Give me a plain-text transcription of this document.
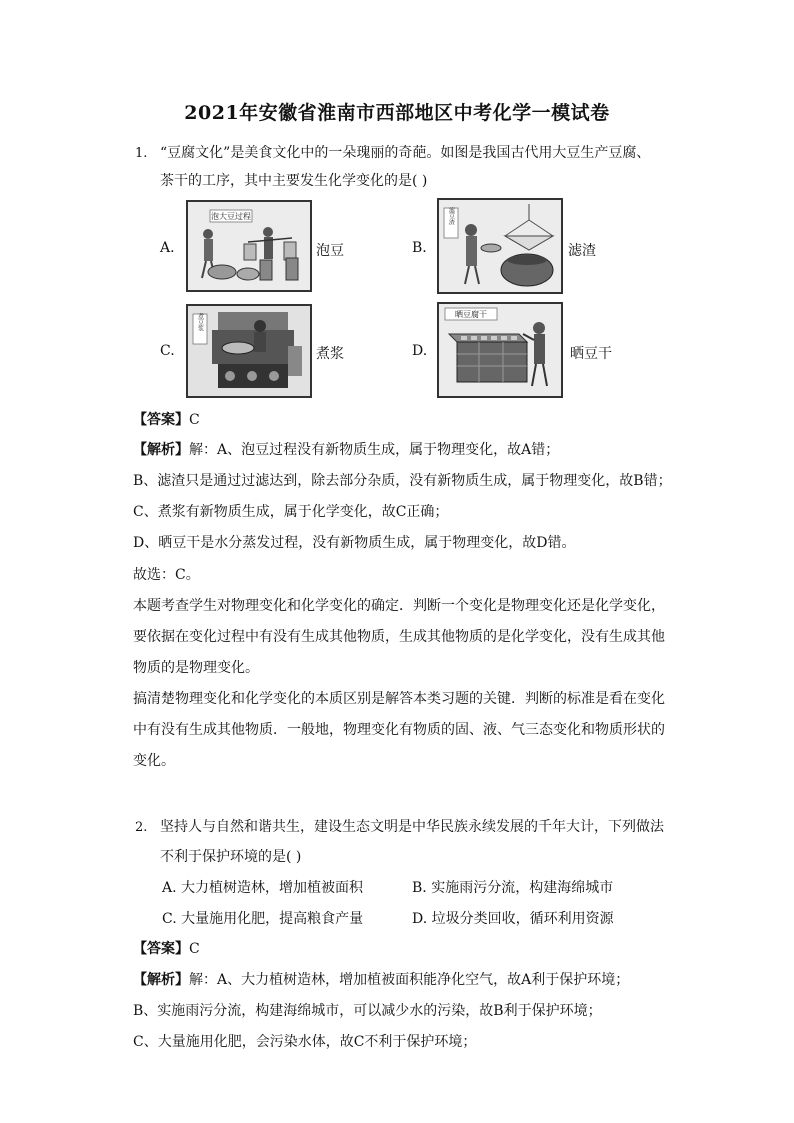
2021年安徽省淮南市西部地区中考化学一模试卷
1. “豆腐文化”是美食文化中的一朵瑰丽的奇葩。如图是我国古代用大豆生产豆腐、
茶干的工序，其中主要发生化学变化的是( )
A.
泡大豆过程
泡豆	B.
滤豆渣
滤渣
C.
煮豆浆
煮浆	D.
晒豆腐干
晒豆干
【答案】C
【解析】解：A、泡豆过程没有新物质生成，属于物理变化，故A错；
B、滤渣只是通过过滤达到，除去部分杂质，没有新物质生成，属于物理变化，故B错；
C、煮浆有新物质生成，属于化学变化，故C正确；
D、晒豆干是水分蒸发过程，没有新物质生成，属于物理变化，故D错。
故选：C。
本题考查学生对物理变化和化学变化的确定．判断一个变化是物理变化还是化学变化，
要依据在变化过程中有没有生成其他物质，生成其他物质的是化学变化，没有生成其他
物质的是物理变化。
搞清楚物理变化和化学变化的本质区别是解答本类习题的关键．判断的标准是看在变化
中有没有生成其他物质．一般地，物理变化有物质的固、液、气三态变化和物质形状的
变化。
2. 坚持人与自然和谐共生，建设生态文明是中华民族永续发展的千年大计，下列做法
不利于保护环境的是( )
A. 大力植树造林，增加植被面积	B. 实施雨污分流，构建海绵城市
C. 大量施用化肥，提高粮食产量	D. 垃圾分类回收，循环利用资源
【答案】C
【解析】解：A、大力植树造林，增加植被面积能净化空气，故A利于保护环境；
B、实施雨污分流，构建海绵城市，可以减少水的污染，故B利于保护环境；
C、大量施用化肥，会污染水体，故C不利于保护环境；
